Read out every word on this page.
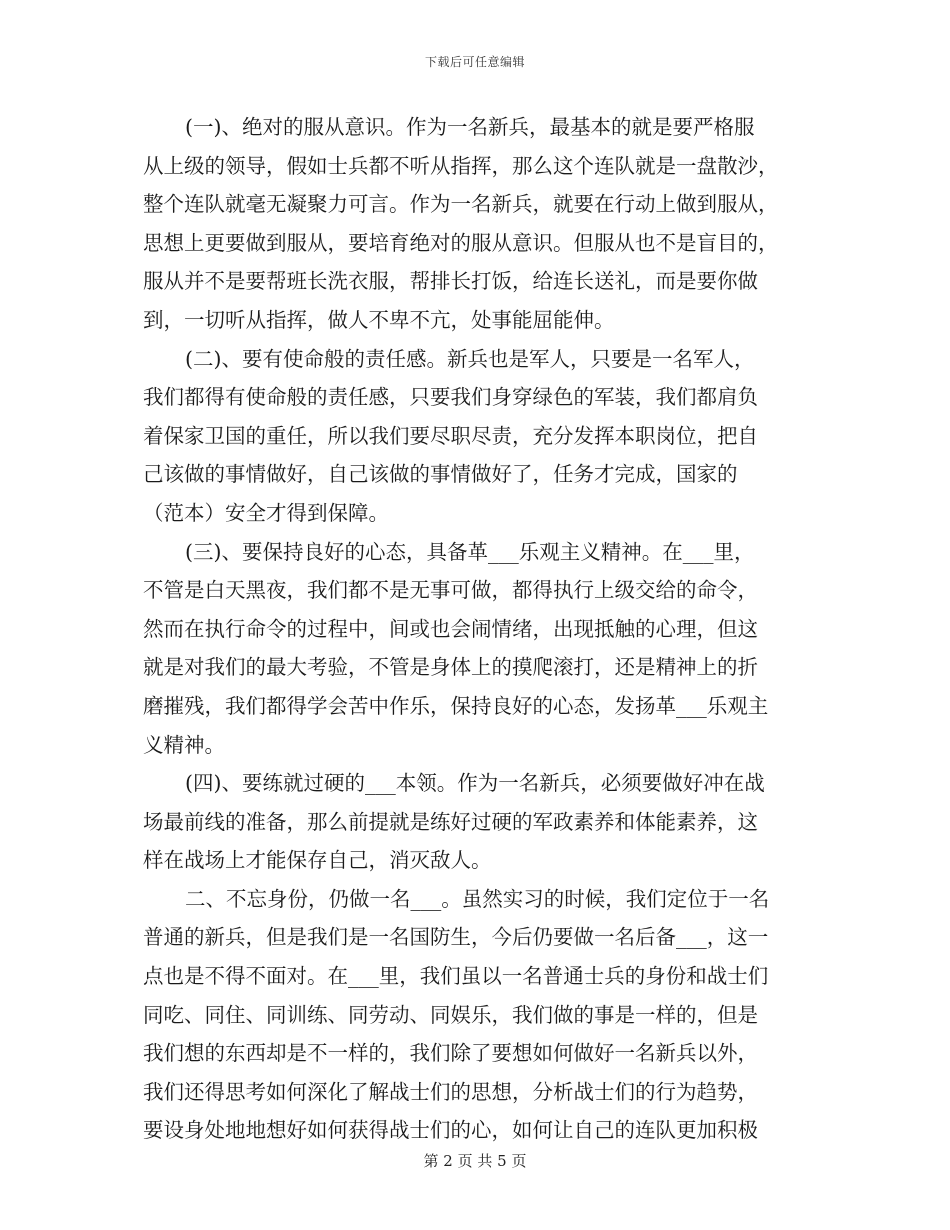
下载后可任意编辑
(一)、绝对的服从意识。作为一名新兵，最基本的就是要严格服
从上级的领导，假如士兵都不听从指挥，那么这个连队就是一盘散沙，
整个连队就毫无凝聚力可言。作为一名新兵，就要在行动上做到服从，
思想上更要做到服从，要培育绝对的服从意识。但服从也不是盲目的，
服从并不是要帮班长洗衣服，帮排长打饭，给连长送礼，而是要你做
到，一切听从指挥，做人不卑不亢，处事能屈能伸。
(二)、要有使命般的责任感。新兵也是军人，只要是一名军人，
我们都得有使命般的责任感，只要我们身穿绿色的军装，我们都肩负
着保家卫国的重任，所以我们要尽职尽责，充分发挥本职岗位，把自
己该做的事情做好，自己该做的事情做好了，任务才完成，国家的
（范本）安全才得到保障。
(三)、要保持良好的心态，具备革___乐观主义精神。在___里，
不管是白天黑夜，我们都不是无事可做，都得执行上级交给的命令，
然而在执行命令的过程中，间或也会闹情绪，出现抵触的心理，但这
就是对我们的最大考验，不管是身体上的摸爬滚打，还是精神上的折
磨摧残，我们都得学会苦中作乐，保持良好的心态，发扬革___乐观主
义精神。
(四)、要练就过硬的___本领。作为一名新兵，必须要做好冲在战
场最前线的准备，那么前提就是练好过硬的军政素养和体能素养，这
样在战场上才能保存自己，消灭敌人。
二、不忘身份，仍做一名___。虽然实习的时候，我们定位于一名
普通的新兵，但是我们是一名国防生，今后仍要做一名后备___，这一
点也是不得不面对。在___里，我们虽以一名普通士兵的身份和战士们
同吃、同住、同训练、同劳动、同娱乐，我们做的事是一样的，但是
我们想的东西却是不一样的，我们除了要想如何做好一名新兵以外，
我们还得思考如何深化了解战士们的思想，分析战士们的行为趋势，
要设身处地地想好如何获得战士们的心，如何让自己的连队更加积极
第 2 页 共 5 页
